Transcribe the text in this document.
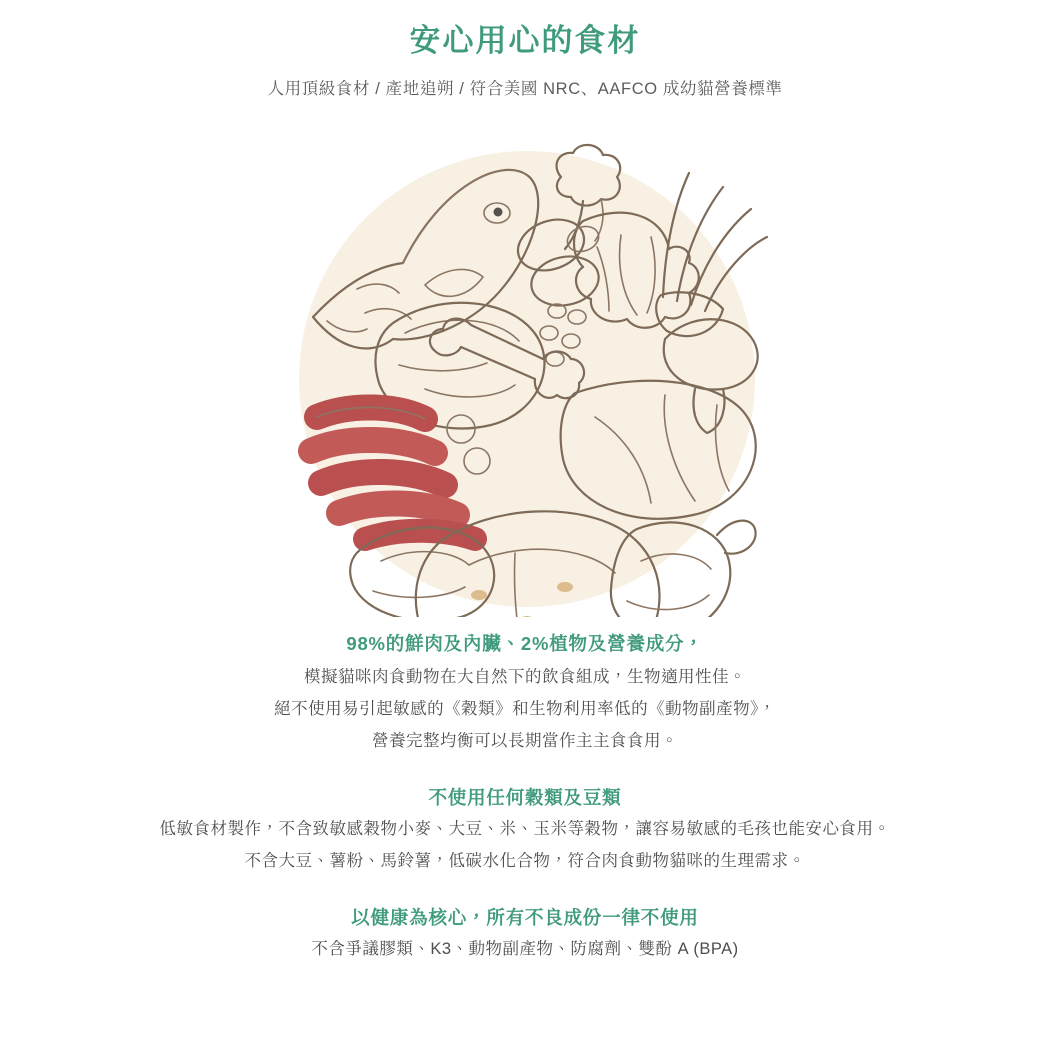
安心用心的食材
人用頂級食材 / 產地追朔 / 符合美國 NRC、AAFCO 成幼貓營養標準
98%的鮮肉及內臟、2%植物及營養成分，
模擬貓咪肉食動物在大自然下的飲食組成，生物適用性佳。
絕不使用易引起敏感的《穀類》和生物利用率低的《動物副產物》，
營養完整均衡可以長期當作主主食食用。
不使用任何穀類及豆類
低敏食材製作，不含致敏感穀物小麥、大豆、米、玉米等穀物，讓容易敏感的毛孩也能安心食用。
不含大豆、薯粉、馬鈴薯，低碳水化合物，符合肉食動物貓咪的生理需求。
以健康為核心，所有不良成份一律不使用
不含爭議膠類、K3、動物副產物、防腐劑、雙酚 A (BPA)
